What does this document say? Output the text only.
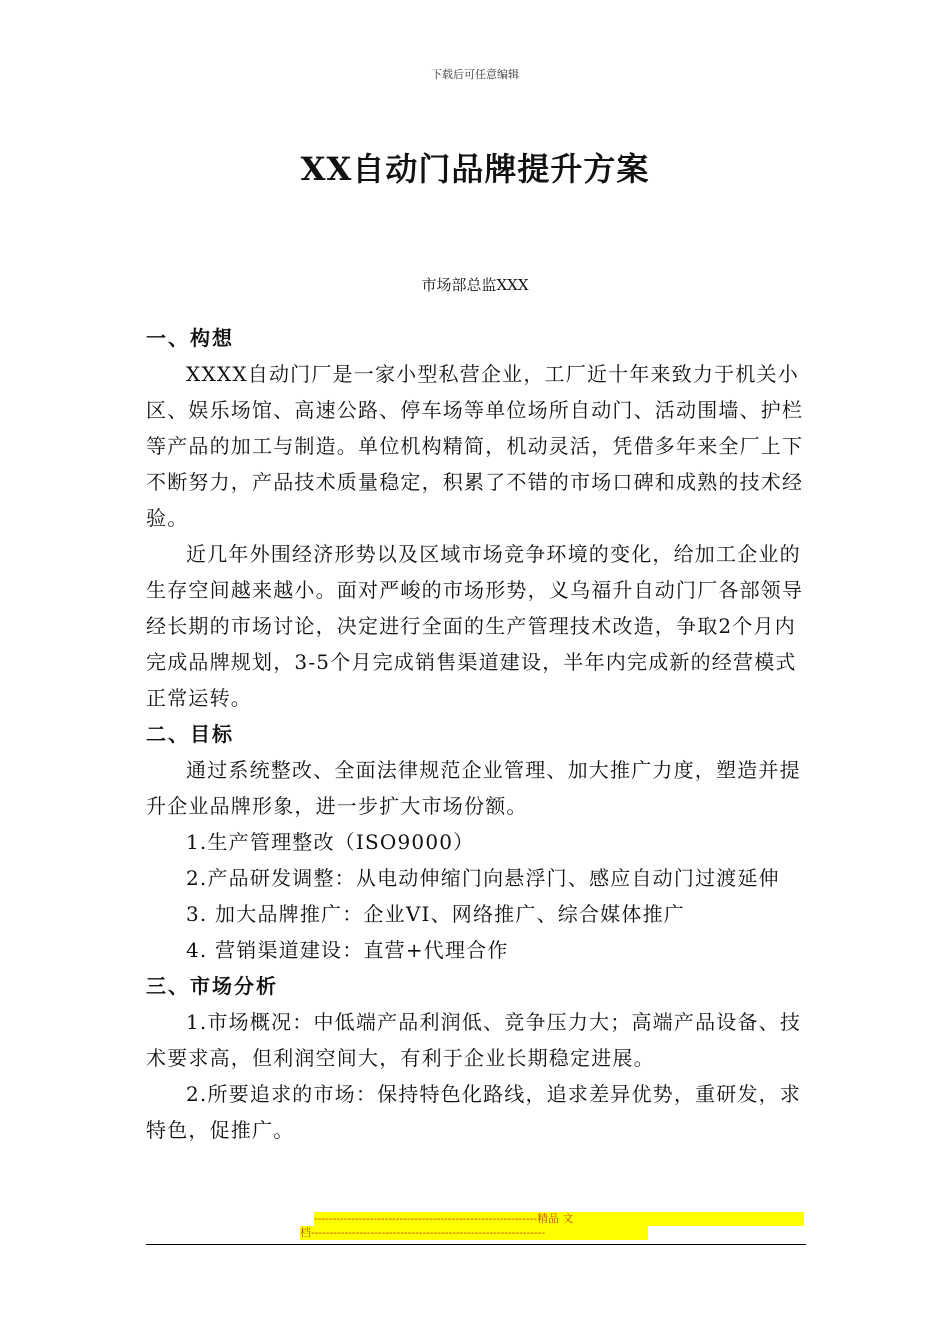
下载后可任意编辑
XX自动门品牌提升方案
市场部总监XXX

一、构想

XXXX自动门厂是一家小型私营企业，工厂近十年来致力于机关小区、娱乐场馆、高速公路、停车场等单位场所自动门、活动围墙、护栏等产品的加工与制造。单位机构精简，机动灵活，凭借多年来全厂上下不断努力，产品技术质量稳定，积累了不错的市场口碑和成熟的技术经验。

近几年外围经济形势以及区域市场竞争环境的变化，给加工企业的生存空间越来越小。面对严峻的市场形势，义乌福升自动门厂各部领导经长期的市场讨论，决定进行全面的生产管理技术改造，争取2个月内完成品牌规划，3-5个月完成销售渠道建设，半年内完成新的经营模式正常运转。

二、目标

通过系统整改、全面法律规范企业管理、加大推广力度，塑造并提升企业品牌形象，进一步扩大市场份额。

1.生产管理整改（ISO9000）

2.产品研发调整：从电动伸缩门向悬浮门、感应自动门过渡延伸

3. 加大品牌推广：企业VI、网络推广、综合媒体推广

4. 营销渠道建设：直营+代理合作

三、市场分析

1.市场概况：中低端产品利润低、竞争压力大；高端产品设备、技术要求高，但利润空间大，有利于企业长期稳定进展。

2.所要追求的市场：保持特色化路线，追求差异优势，重研发，求特色，促推广。

------------------------------------------------------------精品 文
档---------------------------------------------------------------
